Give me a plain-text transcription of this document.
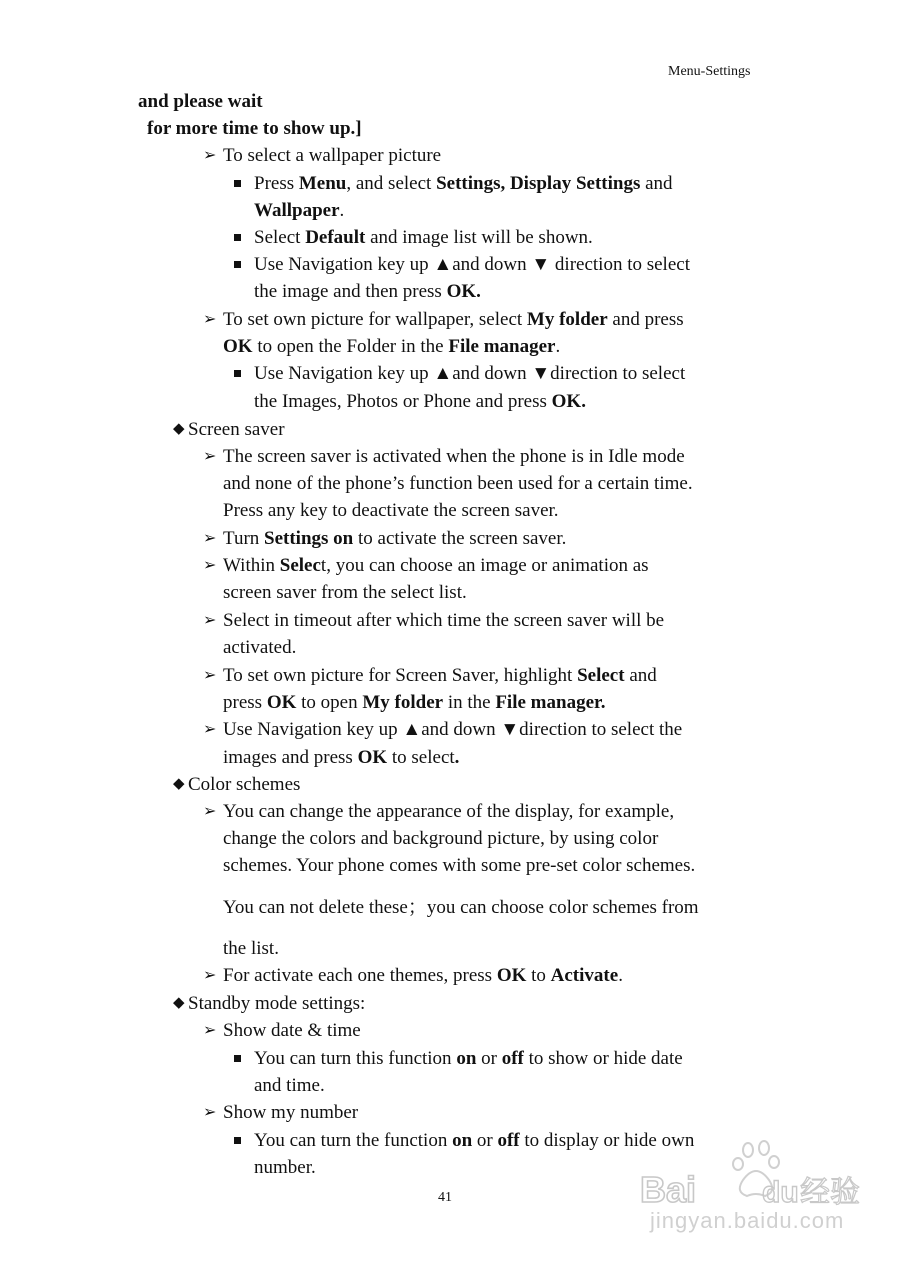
Menu-Settings
and please wait
for more time to show up.]
➢ To select a wallpaper picture
Press Menu, and select Settings, Display Settings and
Wallpaper.
Select Default and image list will be shown.
Use Navigation key up ▲and down ▼ direction to select
the image and then press OK.
➢ To set own picture for wallpaper, select My folder and press
OK to open the Folder in the File manager.
Use Navigation key up ▲and down ▼direction to select
the Images, Photos or Phone and press OK.
◆ Screen saver
➢ The screen saver is activated when the phone is in Idle mode
and none of the phone’s function been used for a certain time.
Press any key to deactivate the screen saver.
➢ Turn Settings on to activate the screen saver.
➢ Within Select, you can choose an image or animation as
screen saver from the select list.
➢ Select in timeout after which time the screen saver will be
activated.
➢ To set own picture for Screen Saver, highlight Select and
press OK to open My folder in the File manager.
➢ Use Navigation key up ▲and down ▼direction to select the
images and press OK to select.
◆ Color schemes
➢ You can change the appearance of the display, for example,
change the colors and background picture, by using color
schemes. Your phone comes with some pre-set color schemes.
You can not delete these；you can choose color schemes from
the list.
➢ For activate each one themes, press OK to Activate.
◆ Standby mode settings:
➢ Show date & time
You can turn this function on or off to show or hide date
and time.
➢ Show my number
You can turn the function on or off to display or hide own
number.
41	Bai du 经验
jingyan.baidu.com
